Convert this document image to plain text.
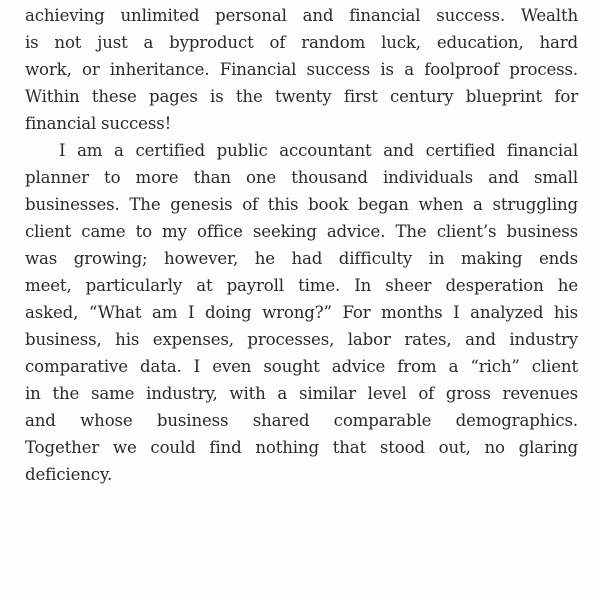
achieving unlimited personal and financial success. Wealth
is not just a byproduct of random luck, education, hard
work, or inheritance. Financial success is a foolproof process.
Within these pages is the twenty first century blueprint for
financial success!

I am a certified public accountant and certified financial
planner to more than one thousand individuals and small
businesses. The genesis of this book began when a struggling
client came to my office seeking advice. The client’s business
was growing; however, he had difficulty in making ends
meet, particularly at payroll time. In sheer desperation he
asked, “What am I doing wrong?” For months I analyzed his
business, his expenses, processes, labor rates, and industry
comparative data. I even sought advice from a “rich” client
in the same industry, with a similar level of gross revenues
and whose business shared comparable demographics.
Together we could find nothing that stood out, no glaring
deficiency.
